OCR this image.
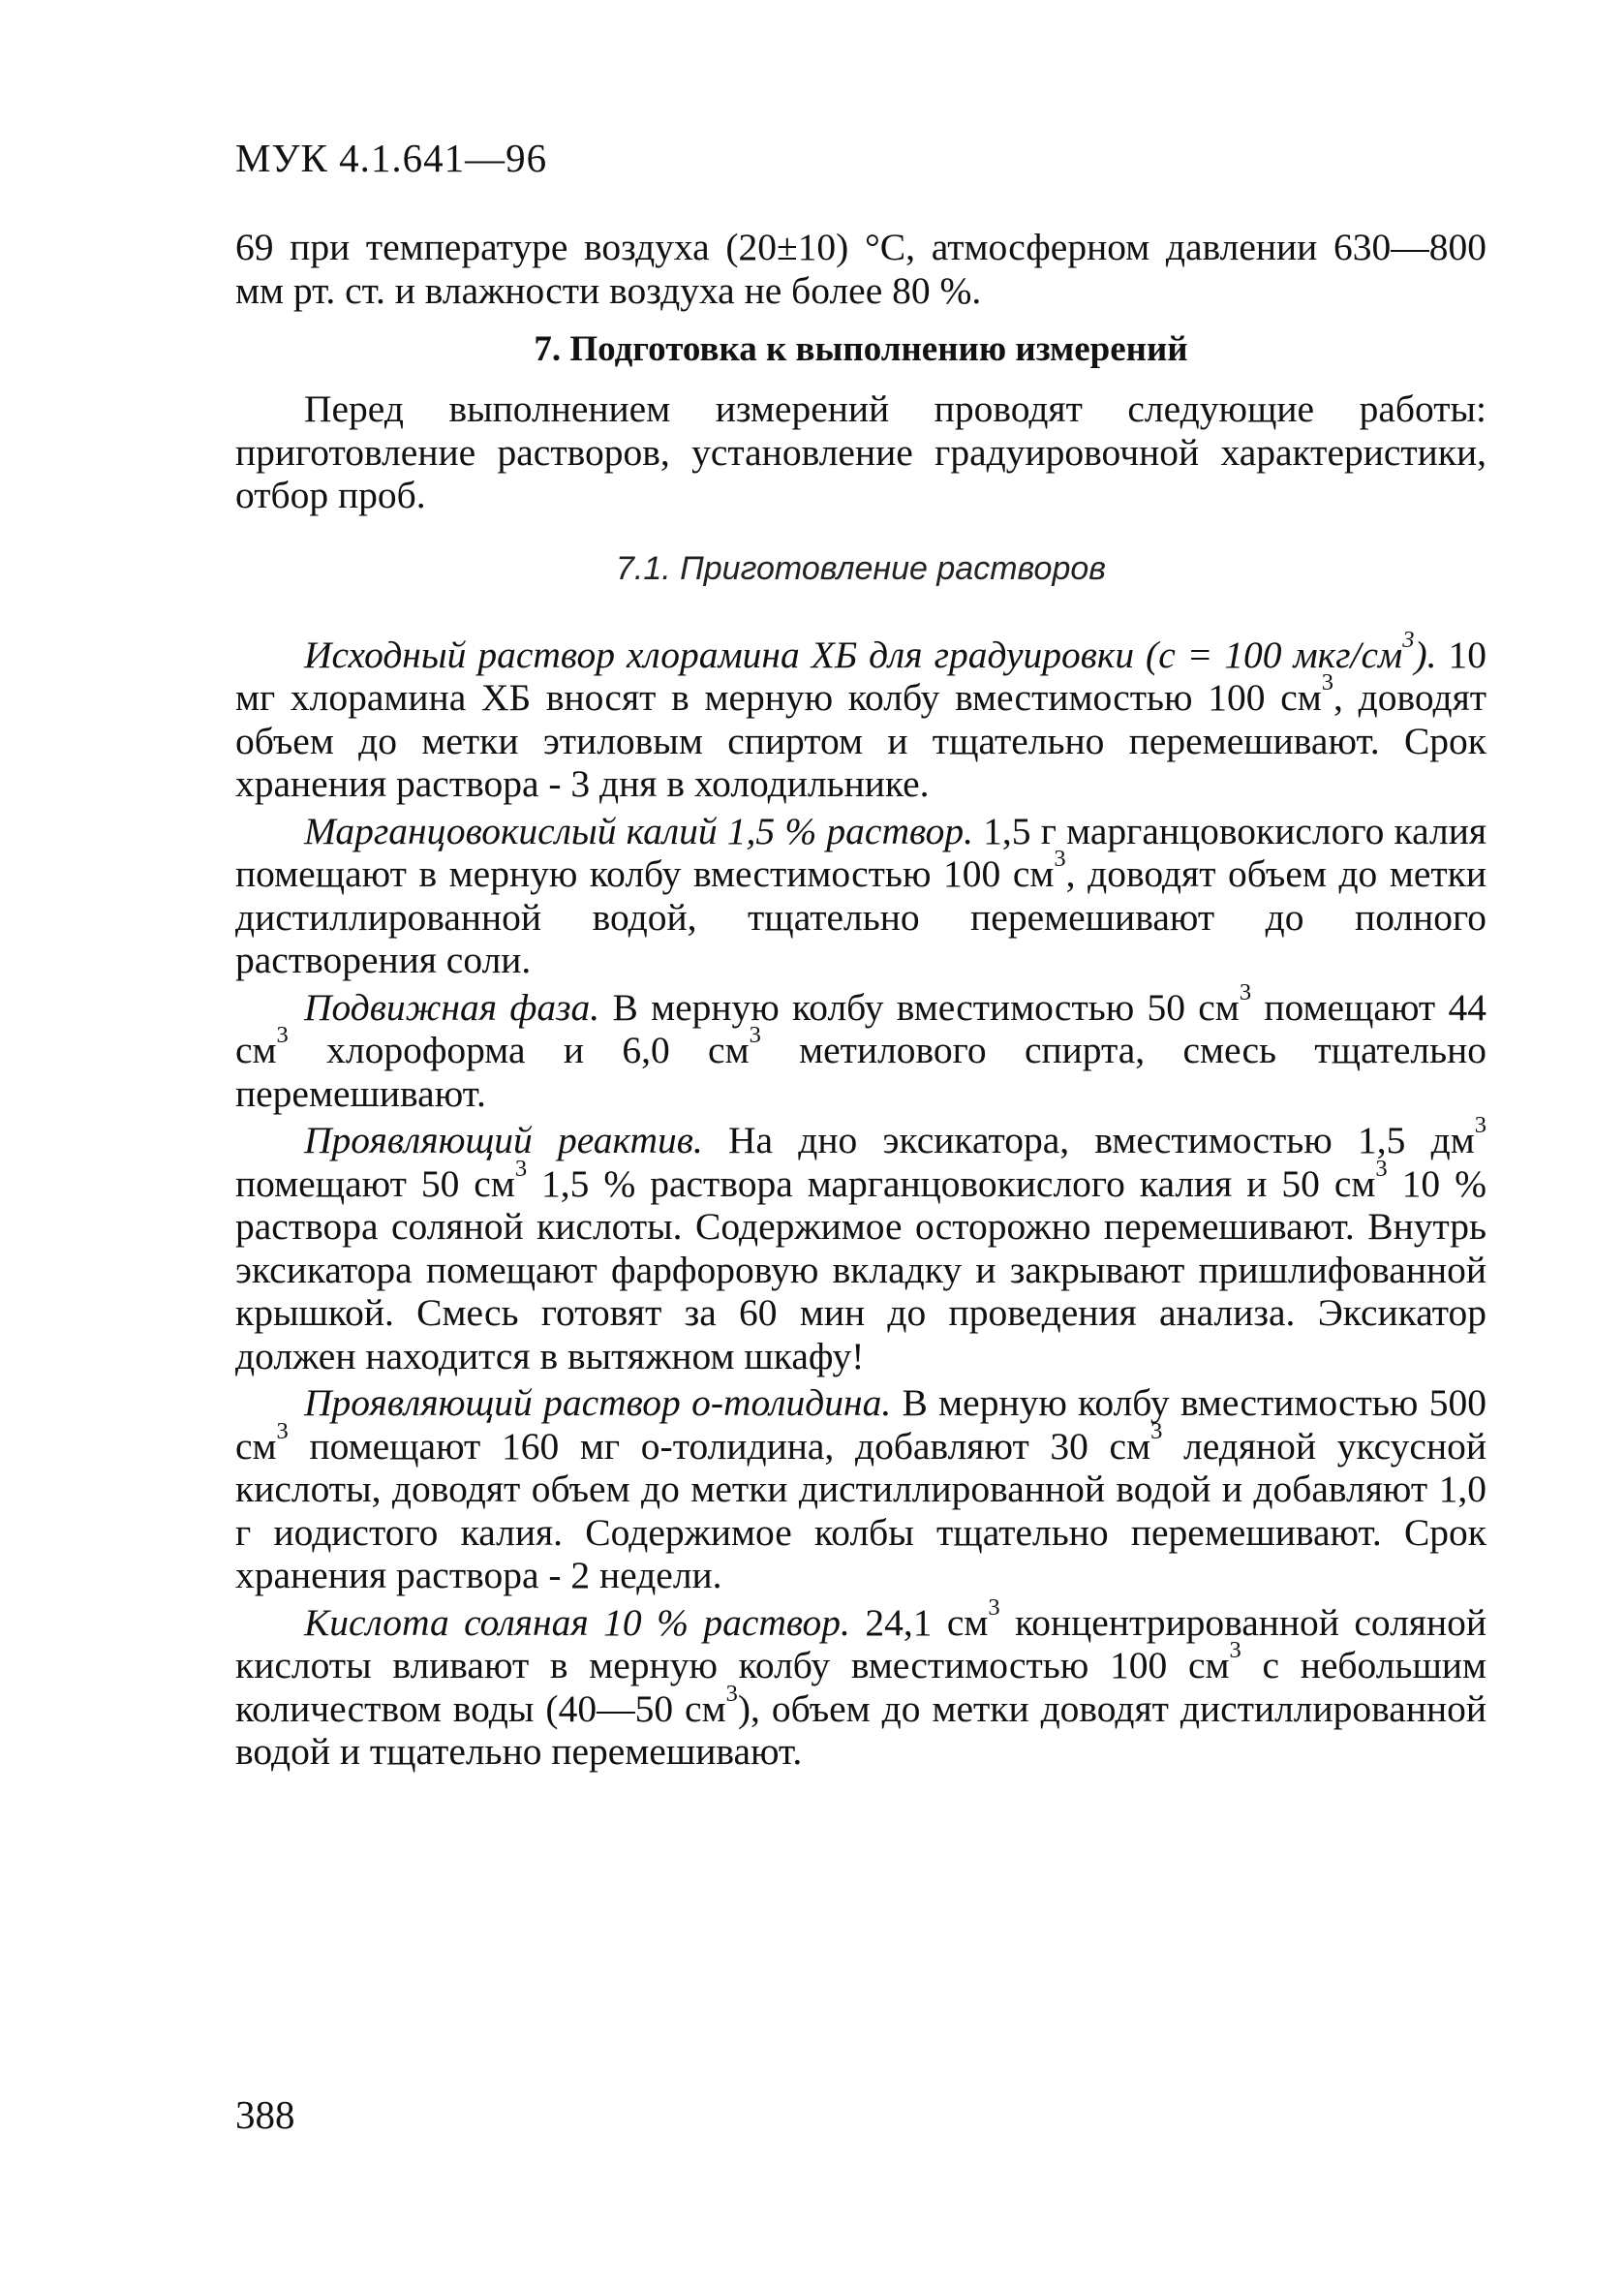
МУК 4.1.641—96

69 при температуре воздуха (20±10) °С, атмосферном давлении 630—800 мм рт. ст. и влажности воздуха не более 80 %.

7. Подготовка к выполнению измерений

Перед выполнением измерений проводят следующие работы: приготовление растворов, установление градуировочной характеристики, отбор проб.

7.1. Приготовление растворов

Исходный раствор хлорамина ХБ для градуировки (с = 100 мкг/$см^3$). 10 мг хлорамина ХБ вносят в мерную колбу вместимостью 100 $см^3$, доводят объем до метки этиловым спиртом и тщательно перемешивают. Срок хранения раствора - 3 дня в холодильнике.

Марганцовокислый калий 1,5 % раствор. 1,5 г марганцовокислого калия помещают в мерную колбу вместимостью 100 $см^3$, доводят объем до метки дистиллированной водой, тщательно перемешивают до полного растворения соли.

Подвижная фаза. В мерную колбу вместимостью 50 $см^3$ помещают 44 $см^3$ хлороформа и 6,0 $см^3$ метилового спирта, смесь тщательно перемешивают.

Проявляющий реактив. На дно эксикатора, вместимостью 1,5 $дм^3$ помещают 50 $см^3$ 1,5 % раствора марганцовокислого калия и 50 $см^3$ 10 % раствора соляной кислоты. Содержимое осторожно перемешивают. Внутрь эксикатора помещают фарфоровую вкладку и закрывают пришлифованной крышкой. Смесь готовят за 60 мин до проведения анализа. Эксикатор должен находится в вытяжном шкафу!

Проявляющий раствор о-толидина. В мерную колбу вместимостью 500 $см^3$ помещают 160 мг о-толидина, добавляют 30 $см^3$ ледяной уксусной кислоты, доводят объем до метки дистиллированной водой и добавляют 1,0 г иодистого калия. Содержимое колбы тщательно перемешивают. Срок хранения раствора - 2 недели.

Кислота соляная 10 % раствор. 24,1 $см^3$ концентрированной соляной кислоты вливают в мерную колбу вместимостью 100 $см^3$ с небольшим количеством воды (40—50 $см^3$), объем до метки доводят дистиллированной водой и тщательно перемешивают.

388
